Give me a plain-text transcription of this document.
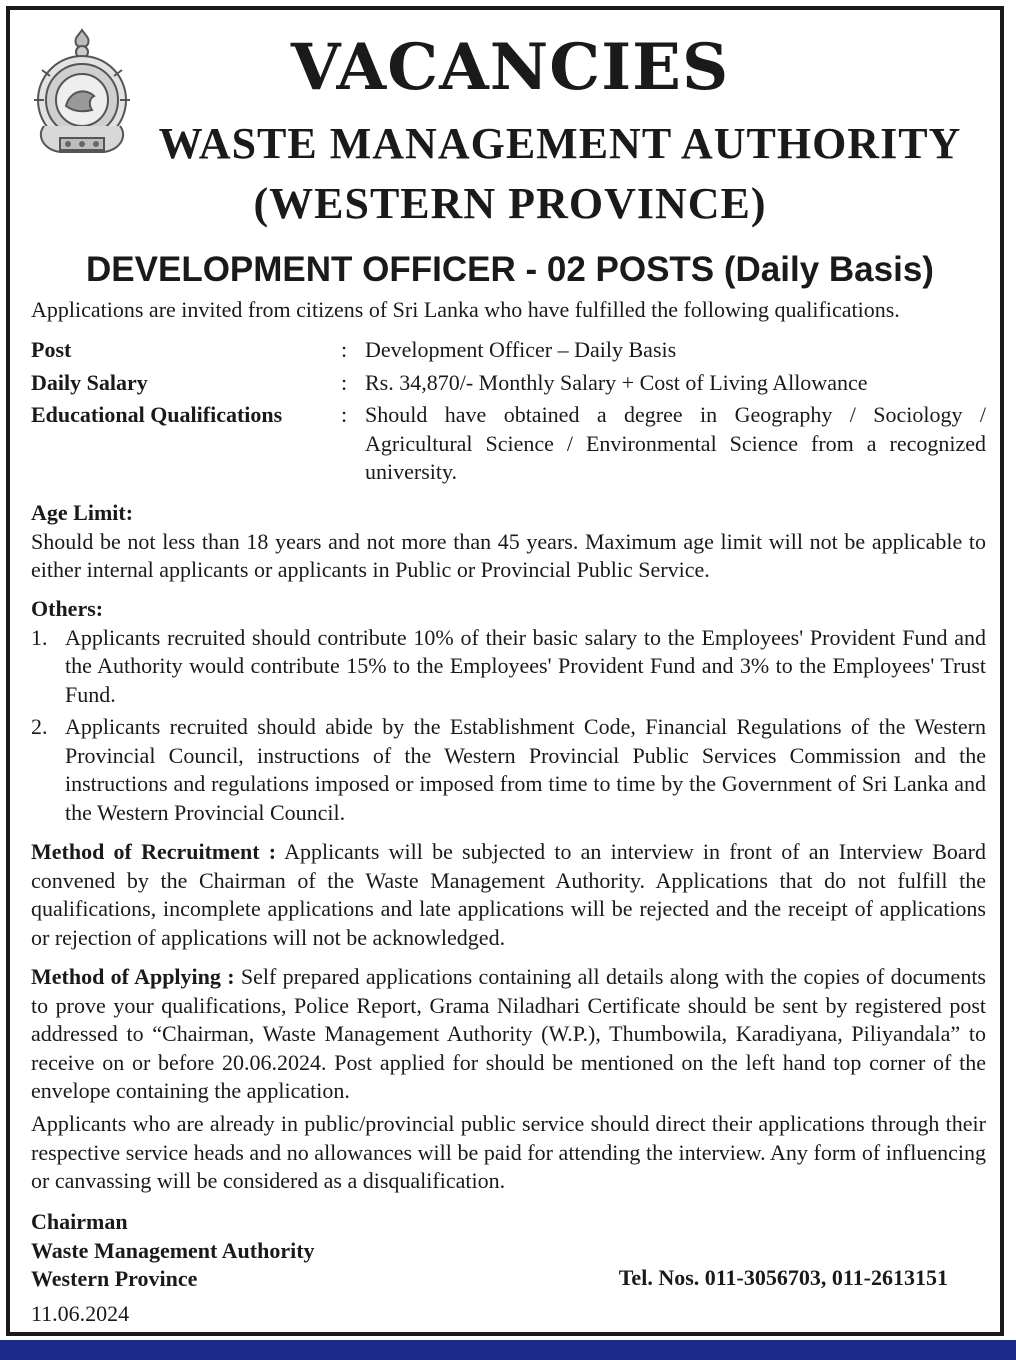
VACANCIES
WASTE MANAGEMENT AUTHORITY
(WESTERN PROVINCE)
DEVELOPMENT OFFICER - 02 POSTS (Daily Basis)
Applications are invited from citizens of Sri Lanka who have fulfilled the following qualifications.
Post	: Development Officer – Daily Basis
Daily Salary	: Rs. 34,870/- Monthly Salary + Cost of Living Allowance
Educational Qualifications	: Should have obtained a degree in Geography / Sociology / Agricultural Science / Environmental Science from a recognized university.
Age Limit:
Should be not less than 18 years and not more than 45 years. Maximum age limit will not be applicable to either internal applicants or applicants in Public or Provincial Public Service.
Others:
1. Applicants recruited should contribute 10% of their basic salary to the Employees' Provident Fund and the Authority would contribute 15% to the Employees' Provident Fund and 3% to the Employees' Trust Fund.
2. Applicants recruited should abide by the Establishment Code, Financial Regulations of the Western Provincial Council, instructions of the Western Provincial Public Services Commission and the instructions and regulations imposed or imposed from time to time by the Government of Sri Lanka and the Western Provincial Council.
Method of Recruitment : Applicants will be subjected to an interview in front of an Interview Board convened by the Chairman of the Waste Management Authority. Applications that do not fulfill the qualifications, incomplete applications and late applications will be rejected and the receipt of applications or rejection of applications will not be acknowledged.
Method of Applying : Self prepared applications containing all details along with the copies of documents to prove your qualifications, Police Report, Grama Niladhari Certificate should be sent by registered post addressed to “Chairman, Waste Management Authority (W.P.), Thumbowila, Karadiyana, Piliyandala” to receive on or before 20.06.2024. Post applied for should be mentioned on the left hand top corner of the envelope containing the application.
Applicants who are already in public/provincial public service should direct their applications through their respective service heads and no allowances will be paid for attending the interview. Any form of influencing or canvassing will be considered as a disqualification.
Chairman
Waste Management Authority
Western Province
11.06.2024
Tel. Nos. 011-3056703, 011-2613151
